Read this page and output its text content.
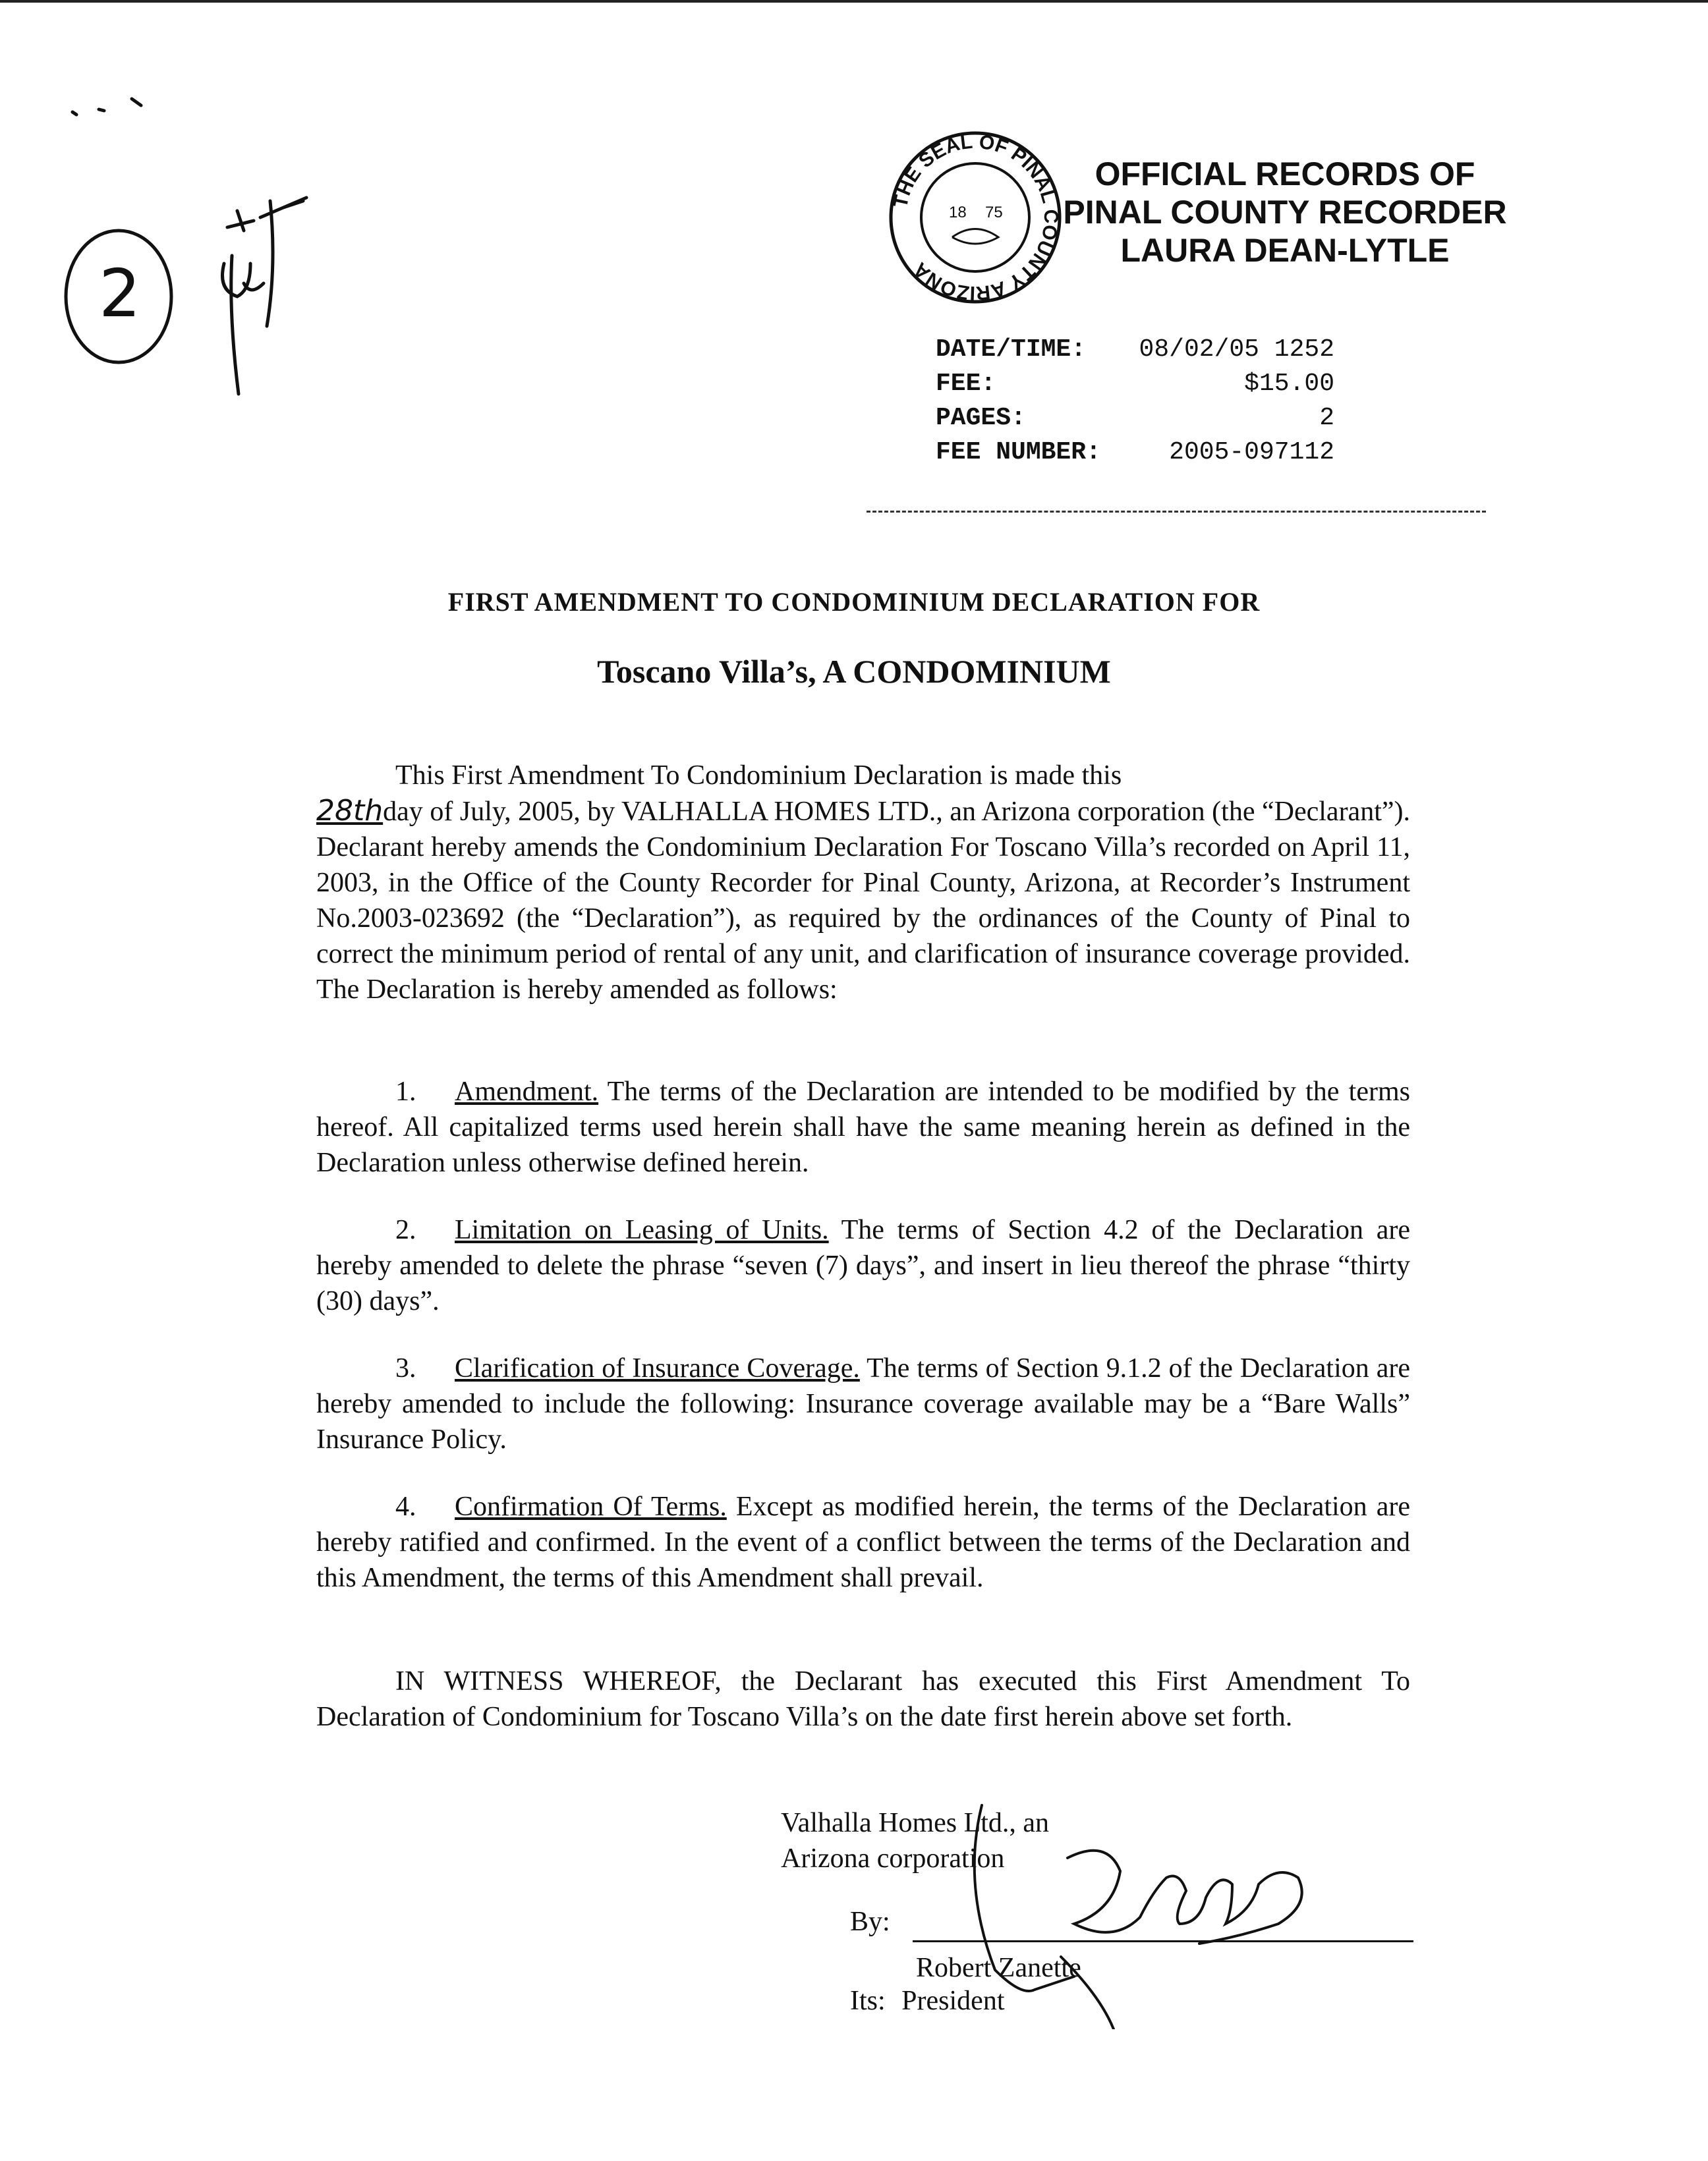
2
THE SEAL OF PINAL COUNTY ARIZONA
18 75
OFFICIAL RECORDS OF
PINAL COUNTY RECORDER
LAURA DEAN-LYTLE
DATE/TIME:	08/02/05 1252
FEE:	$15.00
PAGES:	2
FEE NUMBER:	2005-097112
FIRST AMENDMENT TO CONDOMINIUM DECLARATION FOR
Toscano Villa’s, A CONDOMINIUM

This First Amendment To Condominium Declaration is made this

28thday of July, 2005, by VALHALLA HOMES LTD., an Arizona corporation (the “Declarant”). Declarant hereby amends the Condominium Declaration For Toscano Villa’s recorded on April 11, 2003, in the Office of the County Recorder for Pinal County, Arizona, at Recorder’s Instrument No.2003-023692 (the “Declaration”), as required by the ordinances of the County of Pinal to correct the minimum period of rental of any unit, and clarification of insurance coverage provided. The Declaration is hereby amended as follows:

1. Amendment. The terms of the Declaration are intended to be modified by the terms hereof. All capitalized terms used herein shall have the same meaning herein as defined in the Declaration unless otherwise defined herein.

2. Limitation on Leasing of Units. The terms of Section 4.2 of the Declaration are hereby amended to delete the phrase “seven (7) days”, and insert in lieu thereof the phrase “thirty (30) days”.

3. Clarification of Insurance Coverage. The terms of Section 9.1.2 of the Declaration are hereby amended to include the following: Insurance coverage available may be a “Bare Walls” Insurance Policy.

4. Confirmation Of Terms. Except as modified herein, the terms of the Declaration are hereby ratified and confirmed. In the event of a conflict between the terms of the Declaration and this Amendment, the terms of this Amendment shall prevail.

IN WITNESS WHEREOF, the Declarant has executed this First Amendment To Declaration of Condominium for Toscano Villa’s on the date first herein above set forth.

Valhalla Homes Ltd., an
Arizona corporation
By:
Robert Zanette
Its: President
